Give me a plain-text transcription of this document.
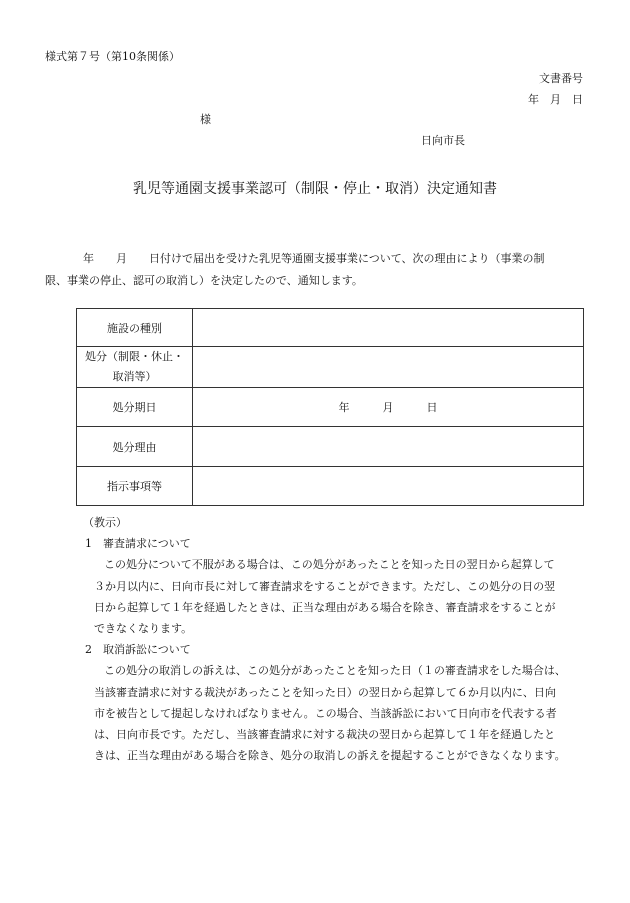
様式第７号（第10条関係）
文書番号
年　月　日
様
日向市長
乳児等通園支援事業認可（制限・停止・取消）決定通知書
年　　月　　日付けで届出を受けた乳児等通園支援事業について、次の理由により（事業の制
限、事業の停止、認可の取消し）を決定したので、通知します。
施設の種別	
処分（制限・休止・
取消等）	
処分期日	年　　　月　　　日
処分理由	
指示事項等	

（教示）

1 審査請求について

この処分について不服がある場合は、この処分があったことを知った日の翌日から起算して
３か月以内に、日向市長に対して審査請求をすることができます。ただし、この処分の日の翌
日から起算して１年を経過したときは、正当な理由がある場合を除き、審査請求をすることが
できなくなります。

2 取消訴訟について

この処分の取消しの訴えは、この処分があったことを知った日（１の審査請求をした場合は、
当該審査請求に対する裁決があったことを知った日）の翌日から起算して６か月以内に、日向
市を被告として提起しなければなりません。この場合、当該訴訟において日向市を代表する者
は、日向市長です。ただし、当該審査請求に対する裁決の翌日から起算して１年を経過したと
きは、正当な理由がある場合を除き、処分の取消しの訴えを提起することができなくなります。
